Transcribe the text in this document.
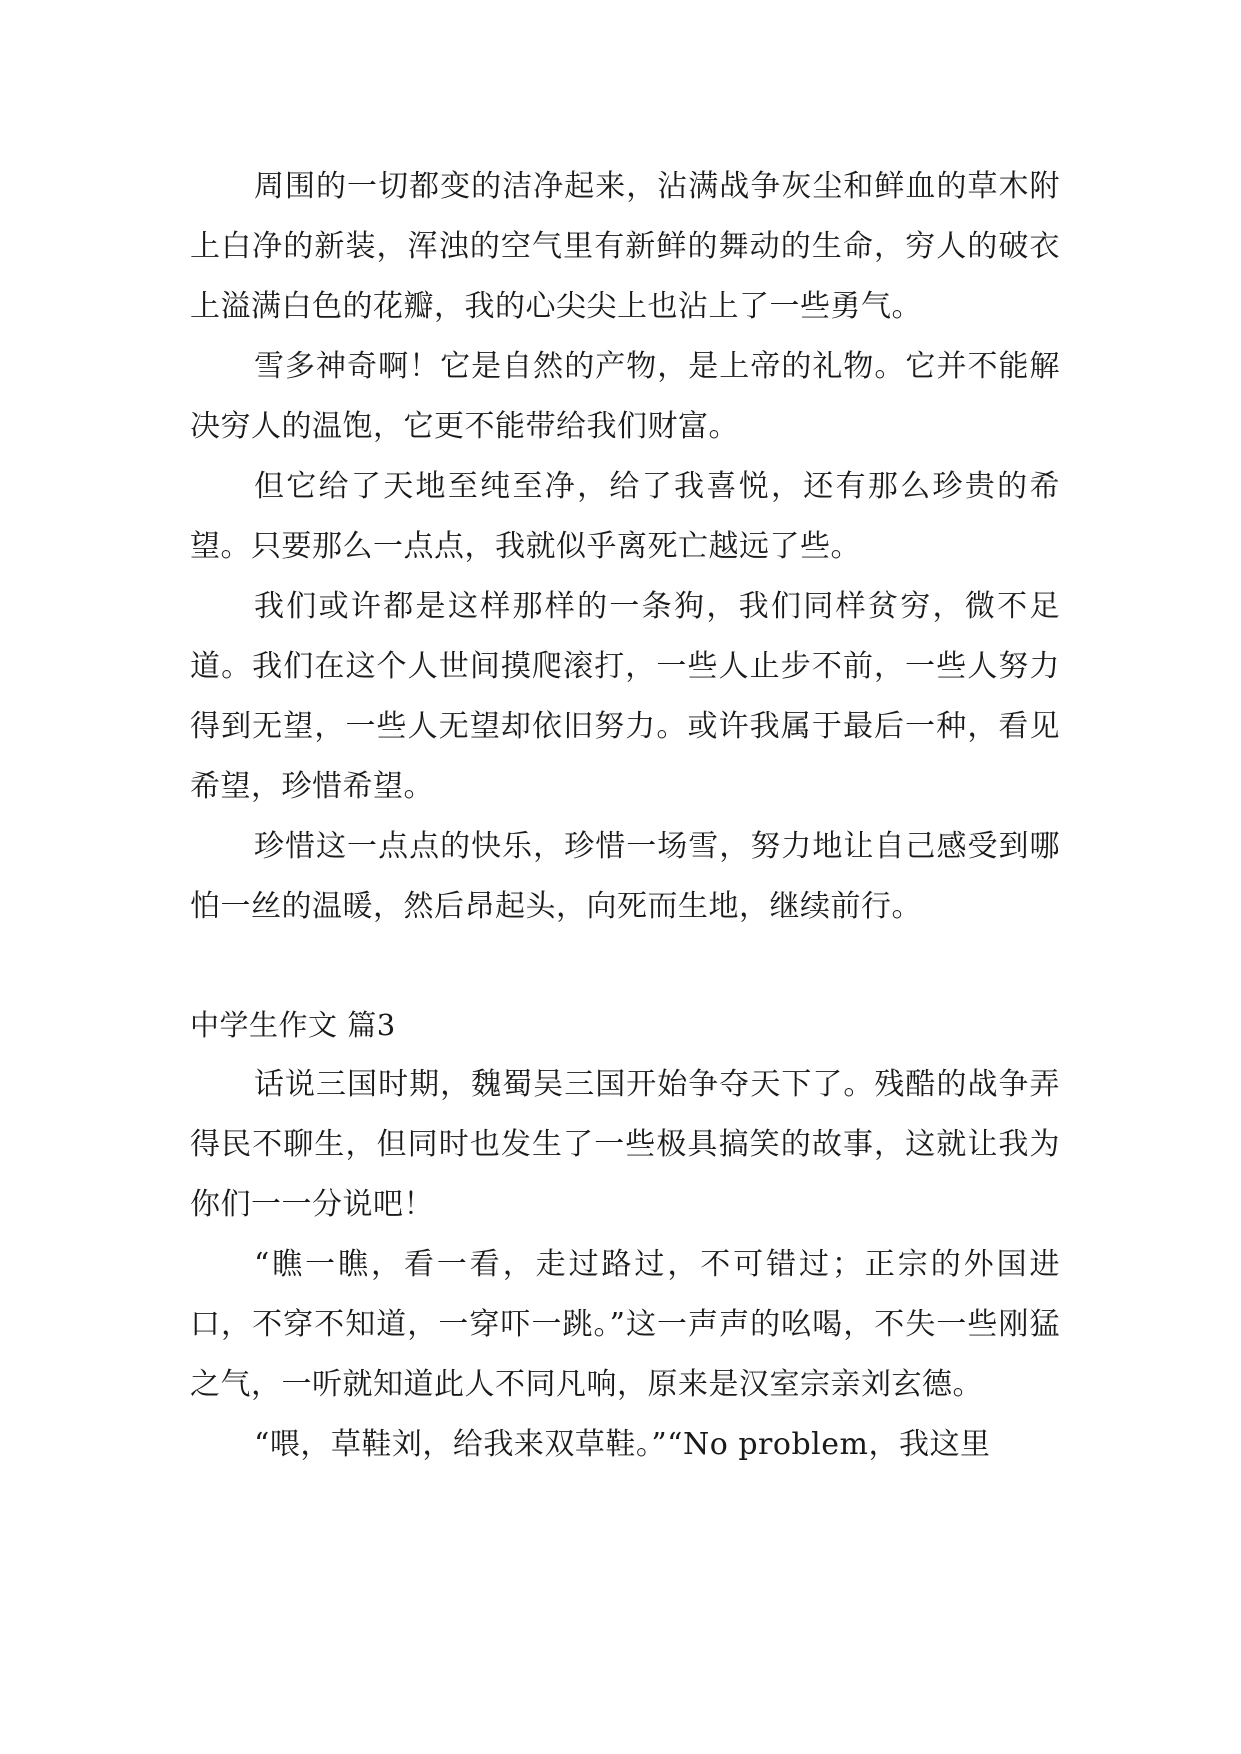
周围的一切都变的洁净起来，沾满战争灰尘和鲜血的草木附上白净的新装，浑浊的空气里有新鲜的舞动的生命，穷人的破衣上溢满白色的花瓣，我的心尖尖上也沾上了一些勇气。

雪多神奇啊！它是自然的产物，是上帝的礼物。它并不能解决穷人的温饱，它更不能带给我们财富。

但它给了天地至纯至净，给了我喜悦，还有那么珍贵的希望。只要那么一点点，我就似乎离死亡越远了些。

我们或许都是这样那样的一条狗，我们同样贫穷，微不足道。我们在这个人世间摸爬滚打，一些人止步不前，一些人努力得到无望，一些人无望却依旧努力。或许我属于最后一种，看见希望，珍惜希望。

珍惜这一点点的快乐，珍惜一场雪，努力地让自己感受到哪怕一丝的温暖，然后昂起头，向死而生地，继续前行。

中学生作文 篇3

话说三国时期，魏蜀吴三国开始争夺天下了。残酷的战争弄得民不聊生，但同时也发生了一些极具搞笑的故事，这就让我为你们一一分说吧！

“瞧一瞧，看一看，走过路过，不可错过；正宗的外国进口，不穿不知道，一穿吓一跳。”这一声声的吆喝，不失一些刚猛之气，一听就知道此人不同凡响，原来是汉室宗亲刘玄德。

“喂，草鞋刘，给我来双草鞋。”“No problem，我这里
